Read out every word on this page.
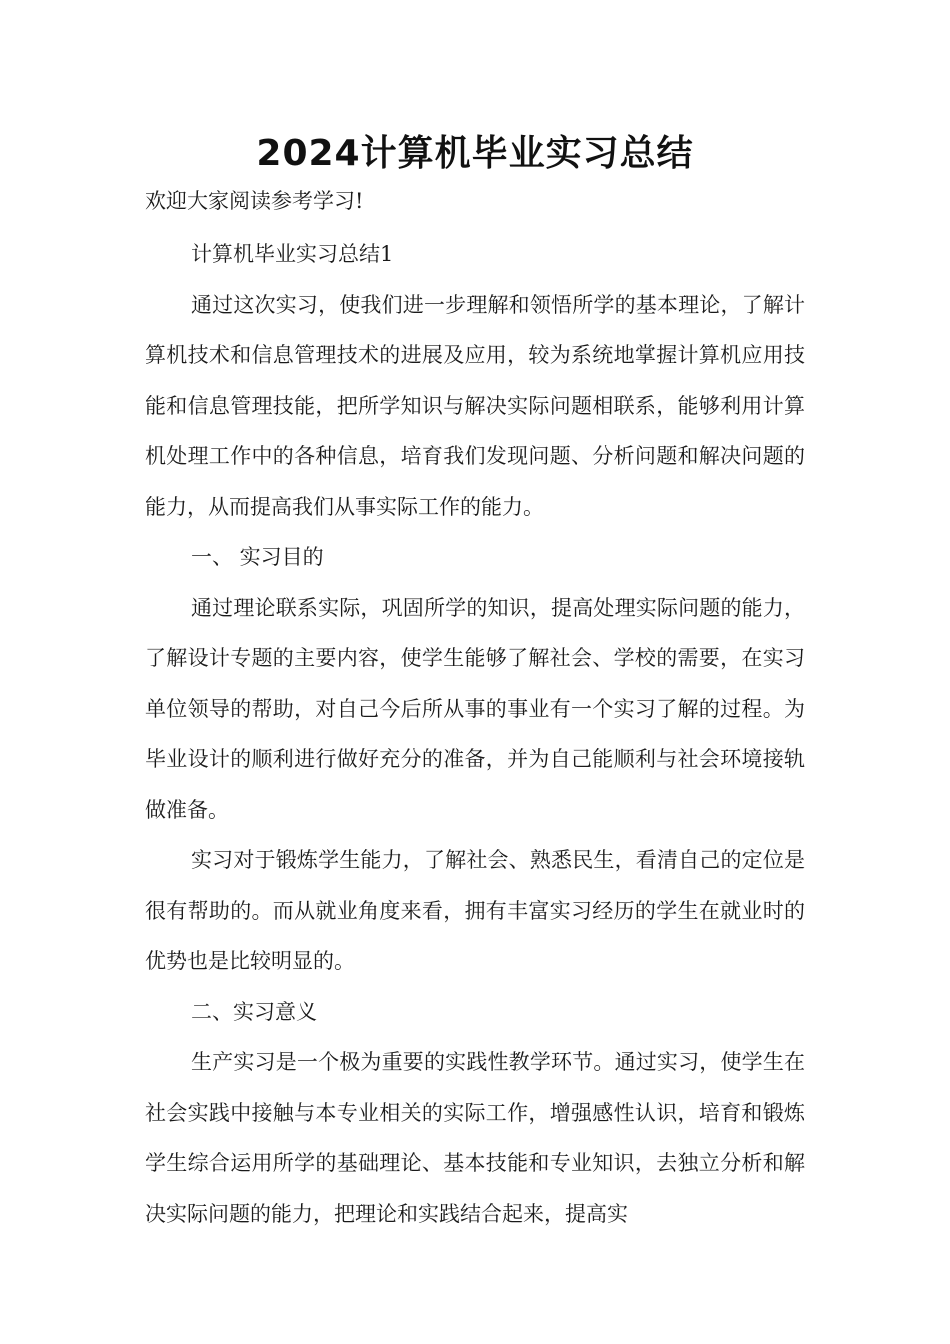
2024计算机毕业实习总结
欢迎大家阅读参考学习!

计算机毕业实习总结1

通过这次实习，使我们进一步理解和领悟所学的基本理论，了解计算机技术和信息管理技术的进展及应用，较为系统地掌握计算机应用技能和信息管理技能，把所学知识与解决实际问题相联系，能够利用计算机处理工作中的各种信息，培育我们发现问题、分析问题和解决问题的能力，从而提高我们从事实际工作的能力。

一、 实习目的

通过理论联系实际，巩固所学的知识，提高处理实际问题的能力，了解设计专题的主要内容，使学生能够了解社会、学校的需要，在实习单位领导的帮助，对自己今后所从事的事业有一个实习了解的过程。为毕业设计的顺利进行做好充分的准备，并为自己能顺利与社会环境接轨做准备。

实习对于锻炼学生能力，了解社会、熟悉民生，看清自己的定位是很有帮助的。而从就业角度来看，拥有丰富实习经历的学生在就业时的优势也是比较明显的。

二、实习意义

生产实习是一个极为重要的实践性教学环节。通过实习，使学生在社会实践中接触与本专业相关的实际工作，增强感性认识，培育和锻炼学生综合运用所学的基础理论、基本技能和专业知识，去独立分析和解决实际问题的能力，把理论和实践结合起来，提高实
